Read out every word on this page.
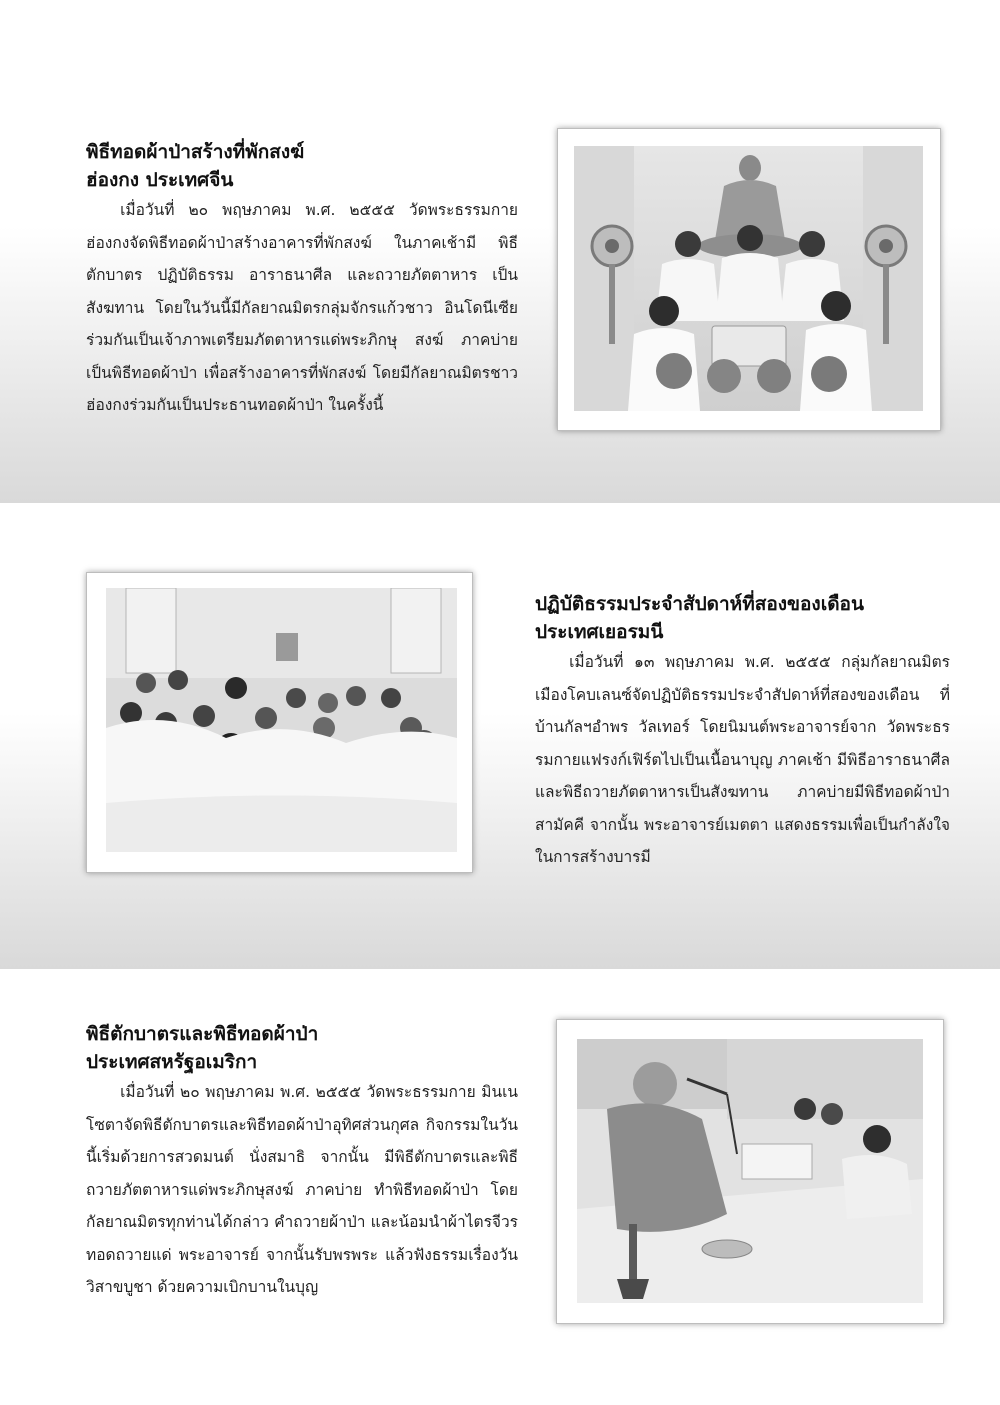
พิธีทอดผ้าป่าสร้างที่พักสงฆ์
ฮ่องกง ประเทศจีน

เมื่อวันที่ ๒๐ พฤษภาคม พ.ศ. ๒๕๕๕ วัดพระธรรมกาย ฮ่องกงจัดพิธีทอดผ้าป่าสร้างอาคารที่พักสงฆ์ ในภาคเช้ามี พิธีตักบาตร ปฏิบัติธรรม อาราธนาศีล และถวายภัตตาหาร เป็นสังฆทาน โดยในวันนี้มีกัลยาณมิตรกลุ่มจักรแก้วชาว อินโดนีเซีย ร่วมกันเป็นเจ้าภาพเตรียมภัตตาหารแด่พระภิกษุ สงฆ์ ภาคบ่ายเป็นพิธีทอดผ้าป่า เพื่อสร้างอาคารที่พักสงฆ์ โดยมีกัลยาณมิตรชาวฮ่องกงร่วมกันเป็นประธานทอดผ้าป่า ในครั้งนี้

ปฏิบัติธรรมประจำสัปดาห์ที่สองของเดือน
ประเทศเยอรมนี

เมื่อวันที่ ๑๓ พฤษภาคม พ.ศ. ๒๕๕๕ กลุ่มกัลยาณมิตร เมืองโคบเลนซ์จัดปฏิบัติธรรมประจำสัปดาห์ที่สองของเดือน ที่บ้านกัลฯอำพร วัลเทอร์ โดยนิมนต์พระอาจารย์จาก วัดพระธรรมกายแฟรงก์เฟิร์ตไปเป็นเนื้อนาบุญ ภาคเช้า มีพิธีอาราธนาศีลและพิธีถวายภัตตาหารเป็นสังฆทาน ภาคบ่ายมีพิธีทอดผ้าป่าสามัคคี จากนั้น พระอาจารย์เมตตา แสดงธรรมเพื่อเป็นกำลังใจในการสร้างบารมี

พิธีตักบาตรและพิธีทอดผ้าป่า
ประเทศสหรัฐอเมริกา

เมื่อวันที่ ๒๐ พฤษภาคม พ.ศ. ๒๕๕๕ วัดพระธรรมกาย มินเนโซตาจัดพิธีตักบาตรและพิธีทอดผ้าป่าอุทิศส่วนกุศล กิจกรรมในวันนี้เริ่มด้วยการสวดมนต์ นั่งสมาธิ จากนั้น มีพิธีตักบาตรและพิธีถวายภัตตาหารแด่พระภิกษุสงฆ์ ภาคบ่าย ทำพิธีทอดผ้าป่า โดยกัลยาณมิตรทุกท่านได้กล่าว คำถวายผ้าป่า และน้อมนำผ้าไตรจีวรทอดถวายแด่ พระอาจารย์ จากนั้นรับพรพระ แล้วฟังธรรมเรื่องวันวิสาขบูชา ด้วยความเบิกบานในบุญ
